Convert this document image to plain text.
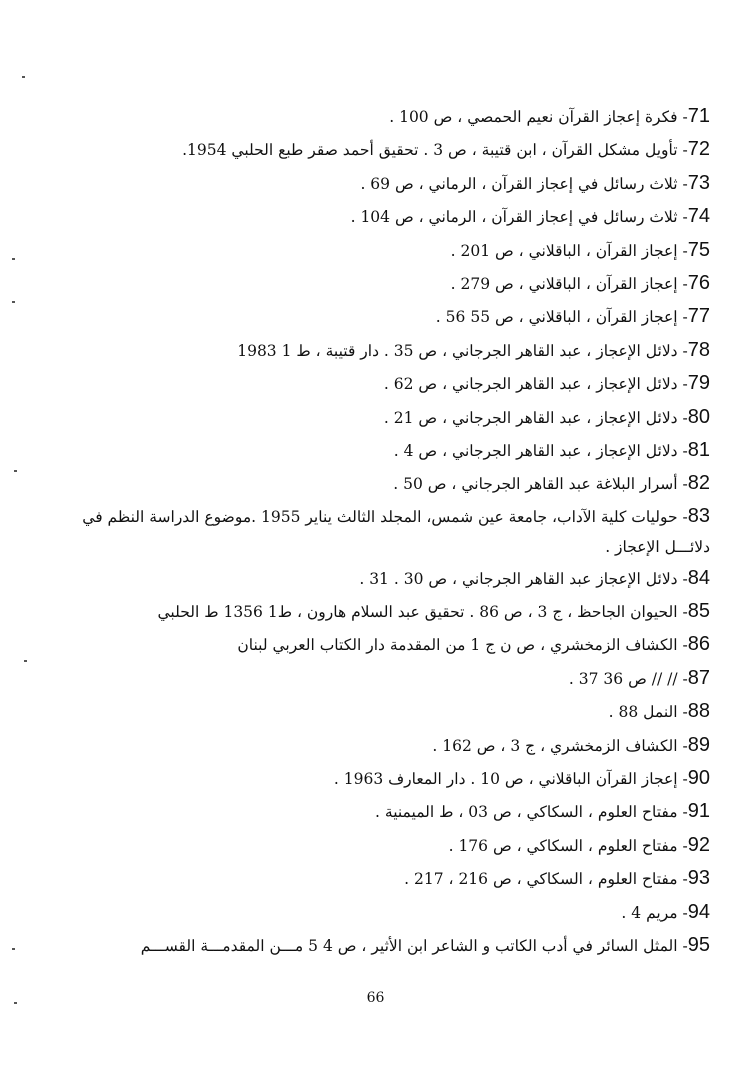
71- فكرة إعجاز القرآن نعيم الحمصي ، ص 100 .
72- تأويل مشكل القرآن ، ابن قتيبة ، ص 3 . تحقيق أحمد صقر طبع الحلبي 1954.
73- ثلاث رسائل في إعجاز القرآن ، الرماني ، ص 69 .
74- ثلاث رسائل في إعجاز القرآن ، الرماني ، ص 104 .
75- إعجاز القرآن ، الباقلاني ، ص 201 .
76- إعجاز القرآن ، الباقلاني ، ص 279 .
77- إعجاز القرآن ، الباقلاني ، ص 55 56 .
78- دلائل الإعجاز ، عبد القاهر الجرجاني ، ص 35 . دار قتيبة ، ط 1 1983
79- دلائل الإعجاز ، عبد القاهر الجرجاني ، ص 62 .
80- دلائل الإعجاز ، عبد القاهر الجرجاني ، ص 21 .
81- دلائل الإعجاز ، عبد القاهر الجرجاني ، ص 4 .
82- أسرار البلاغة عبد القاهر الجرجاني ، ص 50 .
83- حوليات كلية الآداب، جامعة عين شمس، المجلد الثالث يناير 1955 .موضوع الدراسة النظم في دلائـــل الإعجاز .
84- دلائل الإعجاز عبد القاهر الجرجاني ، ص 30 . 31 .
85- الحيوان الجاحظ ، ج 3 ، ص 86 . تحقيق عبد السلام هارون ، ط1 1356 ط الحلبي
86- الكشاف الزمخشري ، ص ن ج 1 من المقدمة دار الكتاب العربي لبنان
87- // // ص 36 37 .
88- النمل 88 .
89- الكشاف الزمخشري ، ج 3 ، ص 162 .
90- إعجاز القرآن الباقلاني ، ص 10 . دار المعارف 1963 .
91- مفتاح العلوم ، السكاكي ، ص 03 ، ط الميمنية .
92- مفتاح العلوم ، السكاكي ، ص 176 .
93- مفتاح العلوم ، السكاكي ، ص 216 ، 217 .
94- مريم 4 .
95- المثل السائر في أدب الكاتب و الشاعر ابن الأثير ، ص 4 5 مـــن المقدمـــة القســـم
66
